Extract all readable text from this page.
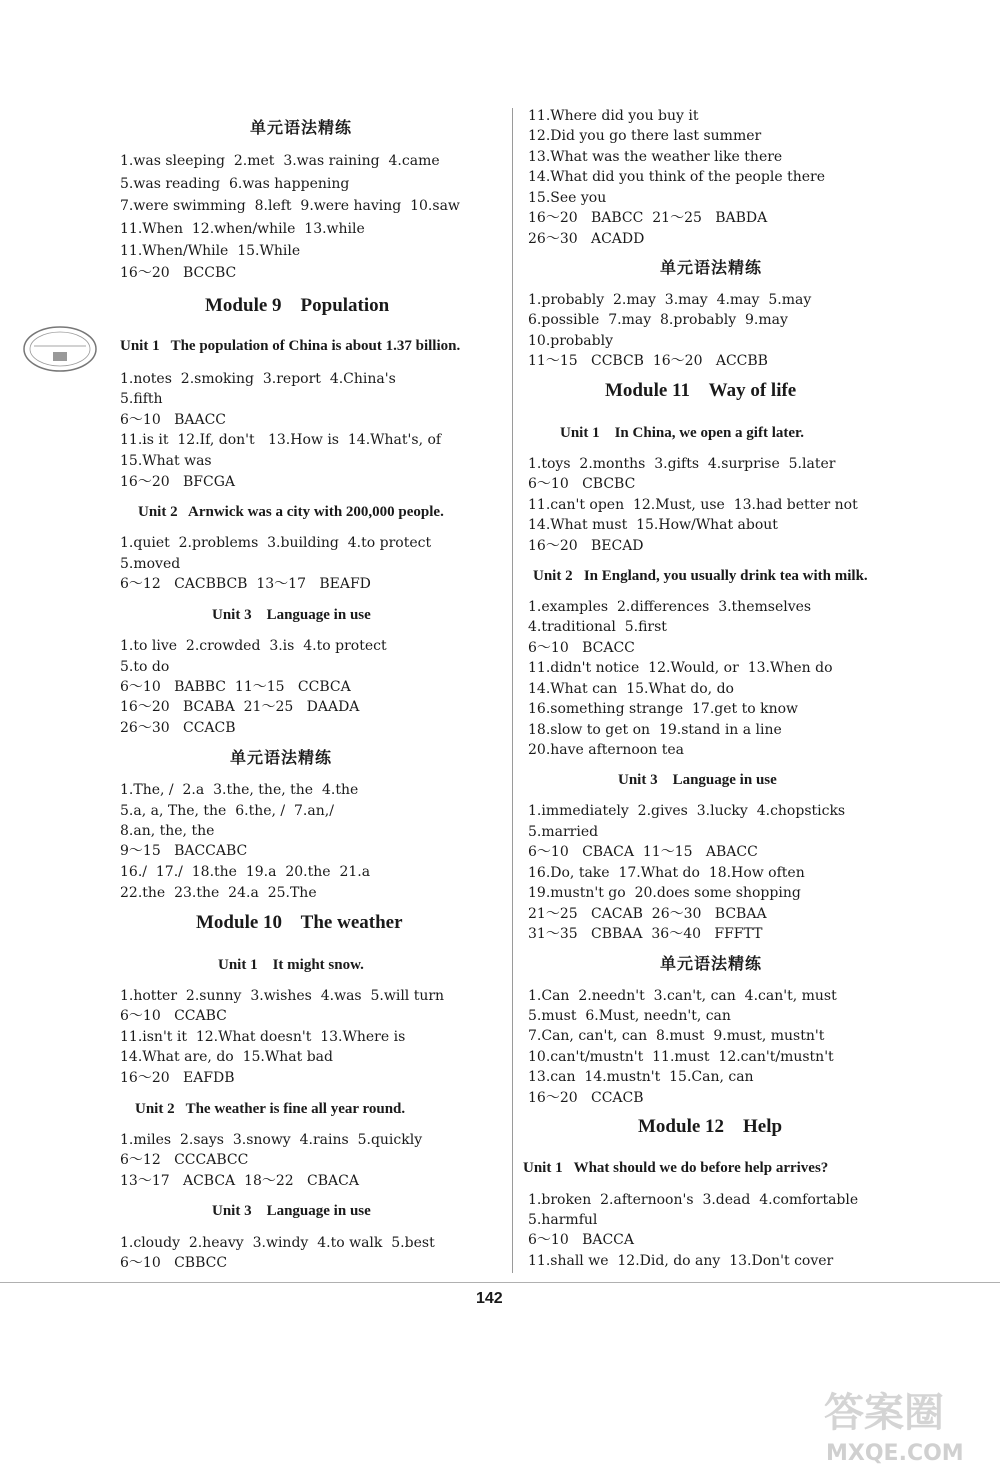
单元语法精练
1.was sleeping  2.met  3.was raining  4.came
5.was reading  6.was happening
7.were swimming  8.left  9.were having  10.saw
11.When  12.when/while  13.while
11.When/While  15.While
16～20   BCCBC
Module 9    Population
Unit 1   The population of China is about 1.37 billion.
1.notes  2.smoking  3.report  4.China's
5.fifth
6～10   BAACC
11.is it  12.If, don't   13.How is  14.What's, of
15.What was
16～20   BFCGA
Unit 2   Arnwick was a city with 200,000 people.
1.quiet  2.problems  3.building  4.to protect
5.moved
6～12   CACBBCB  13～17   BEAFD
Unit 3    Language in use
1.to live  2.crowded  3.is  4.to protect
5.to do
6～10   BABBC  11～15   CCBCA
16～20   BCABA  21～25   DAADA
26～30   CCACB
单元语法精练
1.The, /  2.a  3.the, the, the  4.the
5.a, a, The, the  6.the, /  7.an,/
8.an, the, the
9～15   BACCABC
16./  17./  18.the  19.a  20.the  21.a
22.the  23.the  24.a  25.The
Module 10    The weather
Unit 1    It might snow.
1.hotter  2.sunny  3.wishes  4.was  5.will turn
6～10   CCABC
11.isn't it  12.What doesn't  13.Where is
14.What are, do  15.What bad
16～20   EAFDB
Unit 2   The weather is fine all year round.
1.miles  2.says  3.snowy  4.rains  5.quickly
6～12   CCCABCC
13～17   ACBCA  18～22   CBACA
Unit 3    Language in use
1.cloudy  2.heavy  3.windy  4.to walk  5.best
6～10   CBBCC
11.Where did you buy it
12.Did you go there last summer
13.What was the weather like there
14.What did you think of the people there
15.See you
16～20   BABCC  21～25   BABDA
26～30   ACADD
单元语法精练
1.probably  2.may  3.may  4.may  5.may
6.possible  7.may  8.probably  9.may
10.probably
11～15   CCBCB  16～20   ACCBB
Module 11    Way of life
Unit 1    In China, we open a gift later.
1.toys  2.months  3.gifts  4.surprise  5.later
6～10   CBCBC
11.can't open  12.Must, use  13.had better not
14.What must  15.How/What about
16～20   BECAD
Unit 2   In England, you usually drink tea with milk.
1.examples  2.differences  3.themselves
4.traditional  5.first
6～10   BCACC
11.didn't notice  12.Would, or  13.When do
14.What can  15.What do, do
16.something strange  17.get to know
18.slow to get on  19.stand in a line
20.have afternoon tea
Unit 3    Language in use
1.immediately  2.gives  3.lucky  4.chopsticks
5.married
6～10   CBACA  11～15   ABACC
16.Do, take  17.What do  18.How often
19.mustn't go  20.does some shopping
21～25   CACAB  26～30   BCBAA
31～35   CBBAA  36～40   FFFTT
单元语法精练
1.Can  2.needn't  3.can't, can  4.can't, must
5.must  6.Must, needn't, can
7.Can, can't, can  8.must  9.must, mustn't
10.can't/mustn't  11.must  12.can't/mustn't
13.can  14.mustn't  15.Can, can
16～20   CCACB
Module 12    Help
Unit 1   What should we do before help arrives?
1.broken  2.afternoon's  3.dead  4.comfortable
5.harmful
6～10   BACCA
11.shall we  12.Did, do any  13.Don't cover
142
答案圈
MXQE.COM
